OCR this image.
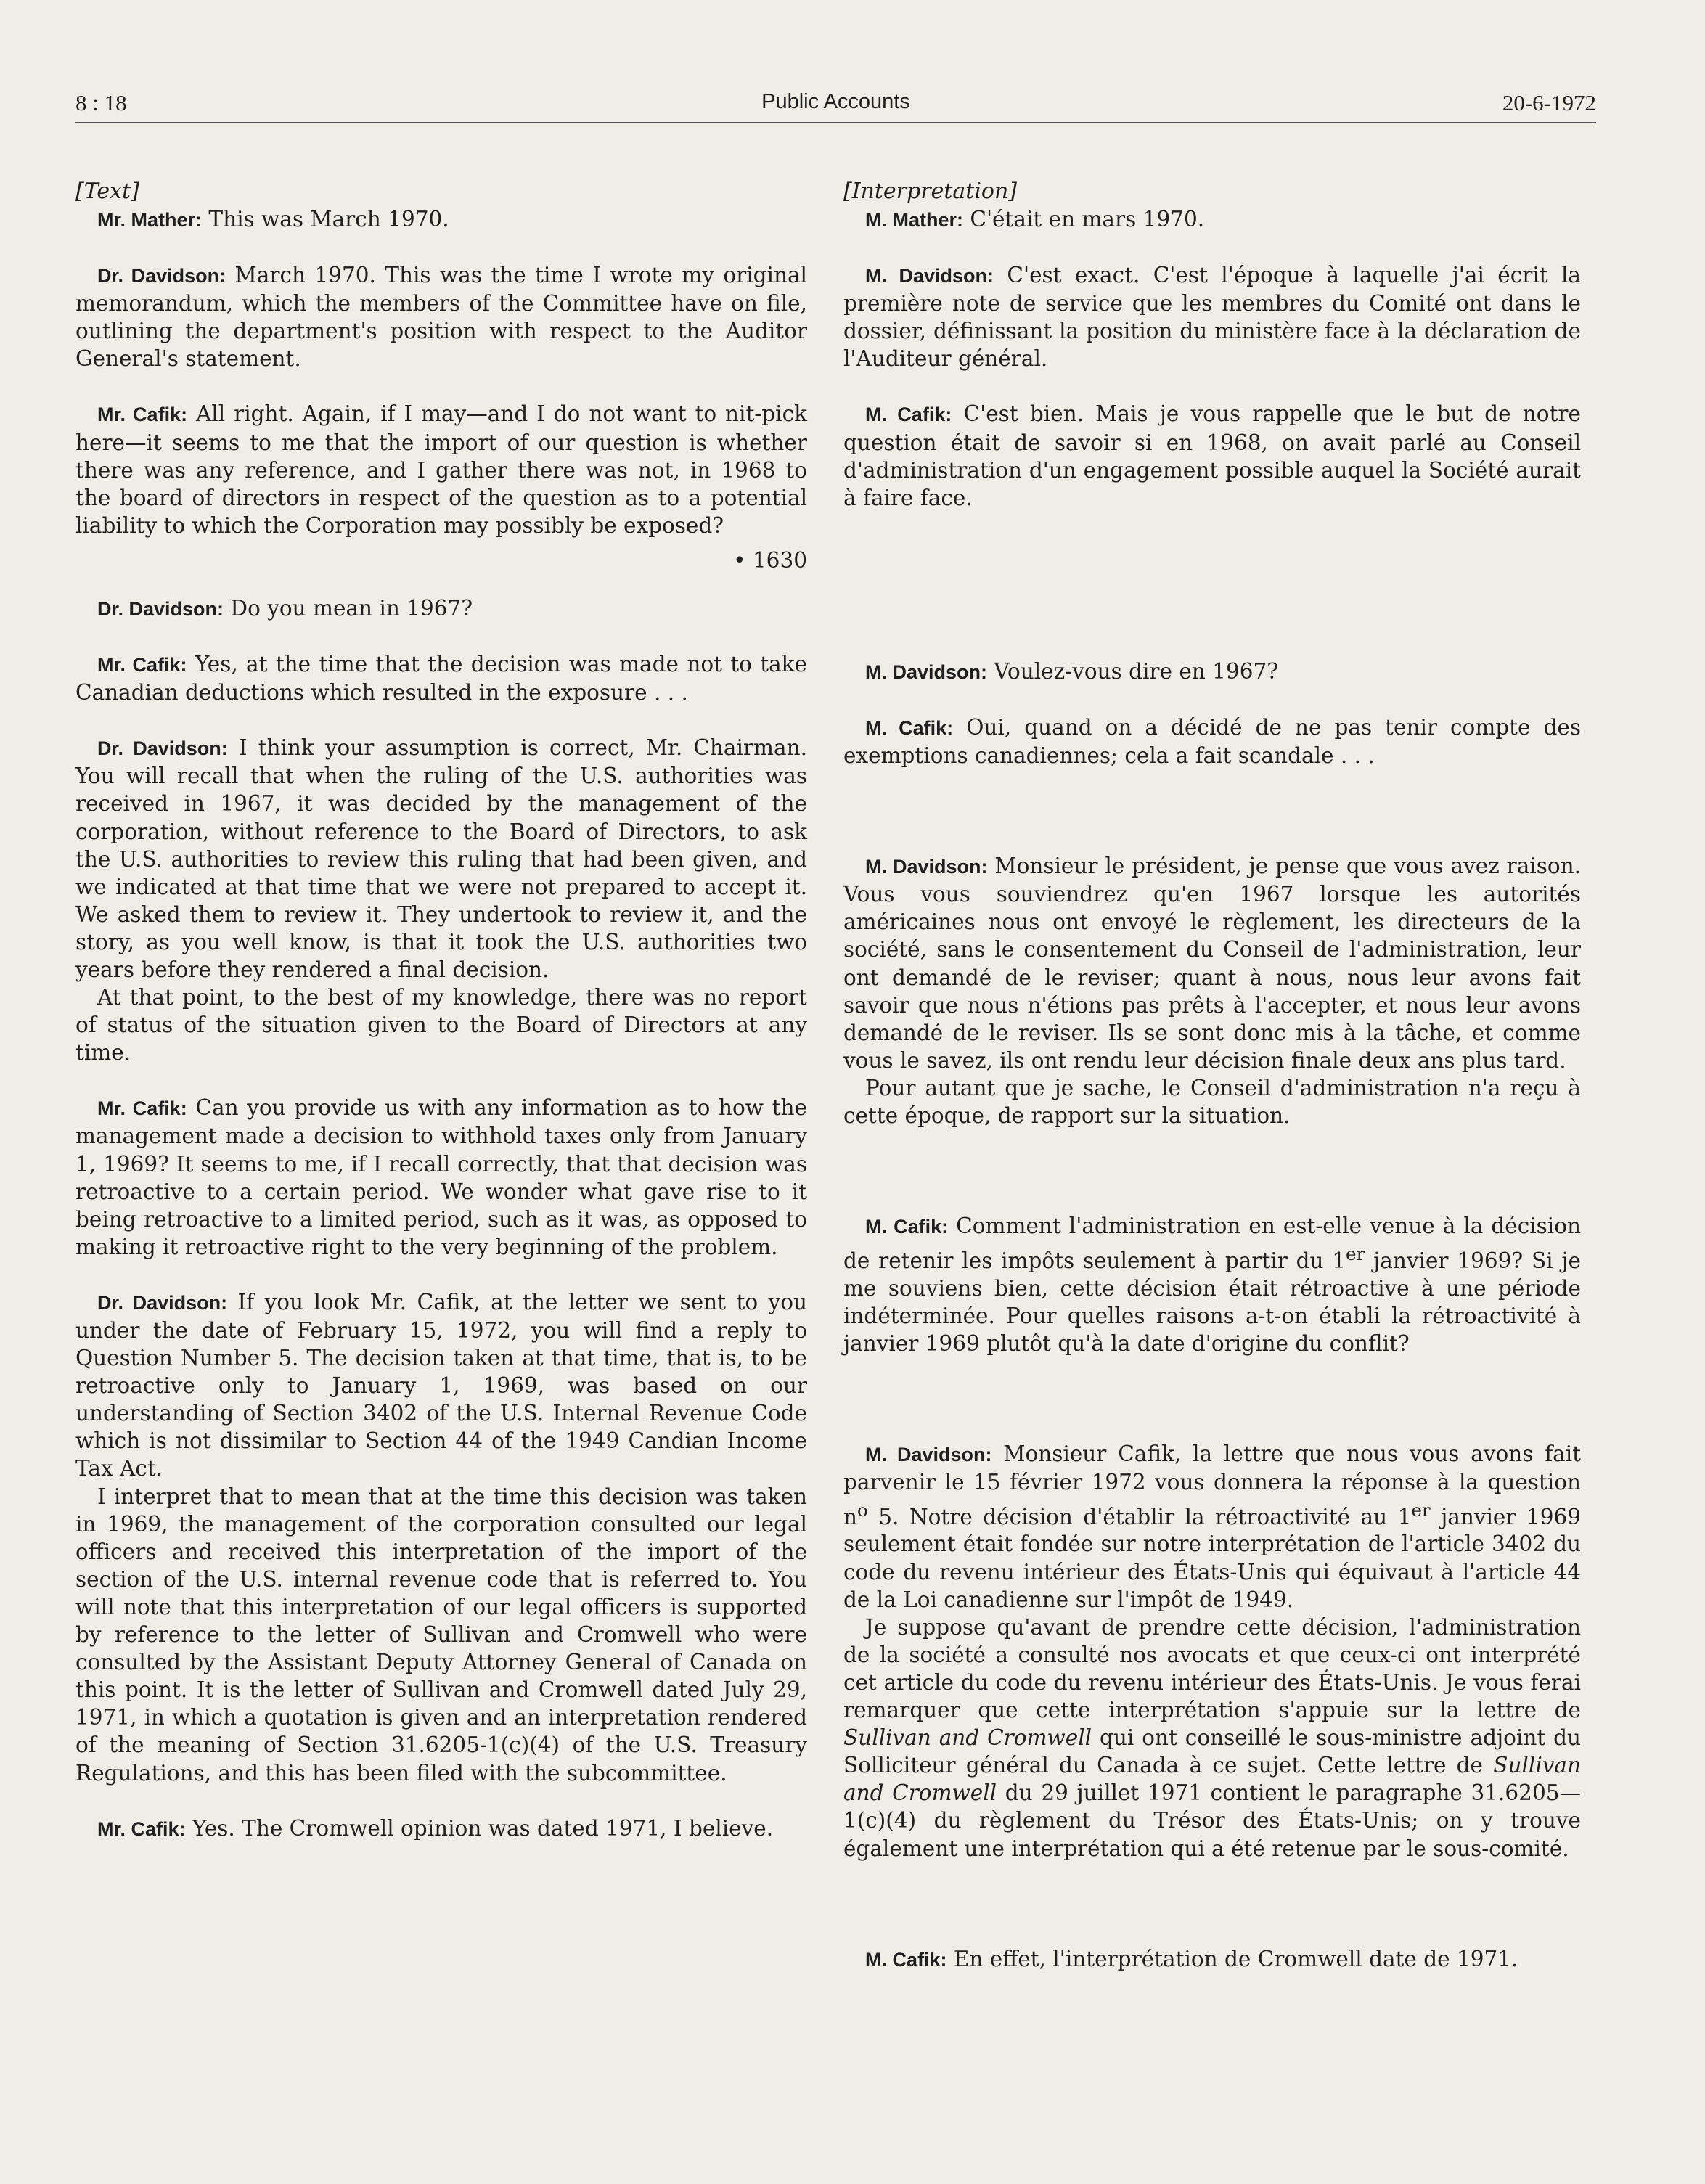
8 : 18	Public Accounts	20-6-1972
[Text]

Mr. Mather: This was March 1970.

Dr. Davidson: March 1970. This was the time I wrote my original memorandum, which the members of the Committee have on file, outlining the department's position with respect to the Auditor General's statement.

Mr. Cafik: All right. Again, if I may—and I do not want to nit-pick here—it seems to me that the import of our question is whether there was any reference, and I gather there was not, in 1968 to the board of directors in respect of the question as to a potential liability to which the Corporation may possibly be exposed?

• 1630

Dr. Davidson: Do you mean in 1967?

Mr. Cafik: Yes, at the time that the decision was made not to take Canadian deductions which resulted in the exposure . . .

Dr. Davidson: I think your assumption is correct, Mr. Chairman. You will recall that when the ruling of the U.S. authorities was received in 1967, it was decided by the management of the corporation, without reference to the Board of Directors, to ask the U.S. authorities to review this ruling that had been given, and we indicated at that time that we were not prepared to accept it. We asked them to review it. They undertook to review it, and the story, as you well know, is that it took the U.S. authorities two years before they rendered a final decision.

At that point, to the best of my knowledge, there was no report of status of the situation given to the Board of Directors at any time.

Mr. Cafik: Can you provide us with any information as to how the management made a decision to withhold taxes only from January 1, 1969? It seems to me, if I recall correctly, that that decision was retroactive to a certain period. We wonder what gave rise to it being retroactive to a limited period, such as it was, as opposed to making it retroactive right to the very beginning of the problem.

Dr. Davidson: If you look Mr. Cafik, at the letter we sent to you under the date of February 15, 1972, you will find a reply to Question Number 5. The decision taken at that time, that is, to be retroactive only to January 1, 1969, was based on our understanding of Section 3402 of the U.S. Internal Revenue Code which is not dissimilar to Section 44 of the 1949 Candian Income Tax Act.

I interpret that to mean that at the time this decision was taken in 1969, the management of the corporation consulted our legal officers and received this interpretation of the import of the section of the U.S. internal revenue code that is referred to. You will note that this interpretation of our legal officers is supported by reference to the letter of Sullivan and Cromwell who were consulted by the Assistant Deputy Attorney General of Canada on this point. It is the letter of Sullivan and Cromwell dated July 29, 1971, in which a quotation is given and an interpretation rendered of the meaning of Section 31.6205-1(c)(4) of the U.S. Treasury Regulations, and this has been filed with the subcommittee.

Mr. Cafik: Yes. The Cromwell opinion was dated 1971, I believe.

[Interpretation]

M. Mather: C'était en mars 1970.

M. Davidson: C'est exact. C'est l'époque à laquelle j'ai écrit la première note de service que les membres du Comité ont dans le dossier, définissant la position du ministère face à la déclaration de l'Auditeur général.

M. Cafik: C'est bien. Mais je vous rappelle que le but de notre question était de savoir si en 1968, on avait parlé au Conseil d'administration d'un engagement possible auquel la Société aurait à faire face.

M. Davidson: Voulez-vous dire en 1967?

M. Cafik: Oui, quand on a décidé de ne pas tenir compte des exemptions canadiennes; cela a fait scandale . . .

M. Davidson: Monsieur le président, je pense que vous avez raison. Vous vous souviendrez qu'en 1967 lorsque les autorités américaines nous ont envoyé le règlement, les directeurs de la société, sans le consentement du Conseil de l'administration, leur ont demandé de le reviser; quant à nous, nous leur avons fait savoir que nous n'étions pas prêts à l'accepter, et nous leur avons demandé de le reviser. Ils se sont donc mis à la tâche, et comme vous le savez, ils ont rendu leur décision finale deux ans plus tard.

Pour autant que je sache, le Conseil d'administration n'a reçu à cette époque, de rapport sur la situation.

M. Cafik: Comment l'administration en est-elle venue à la décision de retenir les impôts seulement à partir du 1er janvier 1969? Si je me souviens bien, cette décision était rétroactive à une période indéterminée. Pour quelles raisons a-t-on établi la rétroactivité à janvier 1969 plutôt qu'à la date d'origine du conflit?

M. Davidson: Monsieur Cafik, la lettre que nous vous avons fait parvenir le 15 février 1972 vous donnera la réponse à la question $n^o$ 5. Notre décision d'établir la rétroactivité au 1er janvier 1969 seulement était fondée sur notre interprétation de l'article 3402 du code du revenu intérieur des États-Unis qui équivaut à l'article 44 de la Loi canadienne sur l'impôt de 1949.

Je suppose qu'avant de prendre cette décision, l'administration de la société a consulté nos avocats et que ceux-ci ont interprété cet article du code du revenu intérieur des États-Unis. Je vous ferai remarquer que cette interprétation s'appuie sur la lettre de Sullivan and Cromwell qui ont conseillé le sous-ministre adjoint du Solliciteur général du Canada à ce sujet. Cette lettre de Sullivan and Cromwell du 29 juillet 1971 contient le paragraphe 31.6205—1(c)(4) du règlement du Trésor des États-Unis; on y trouve également une interprétation qui a été retenue par le sous-comité.

M. Cafik: En effet, l'interprétation de Cromwell date de 1971.
